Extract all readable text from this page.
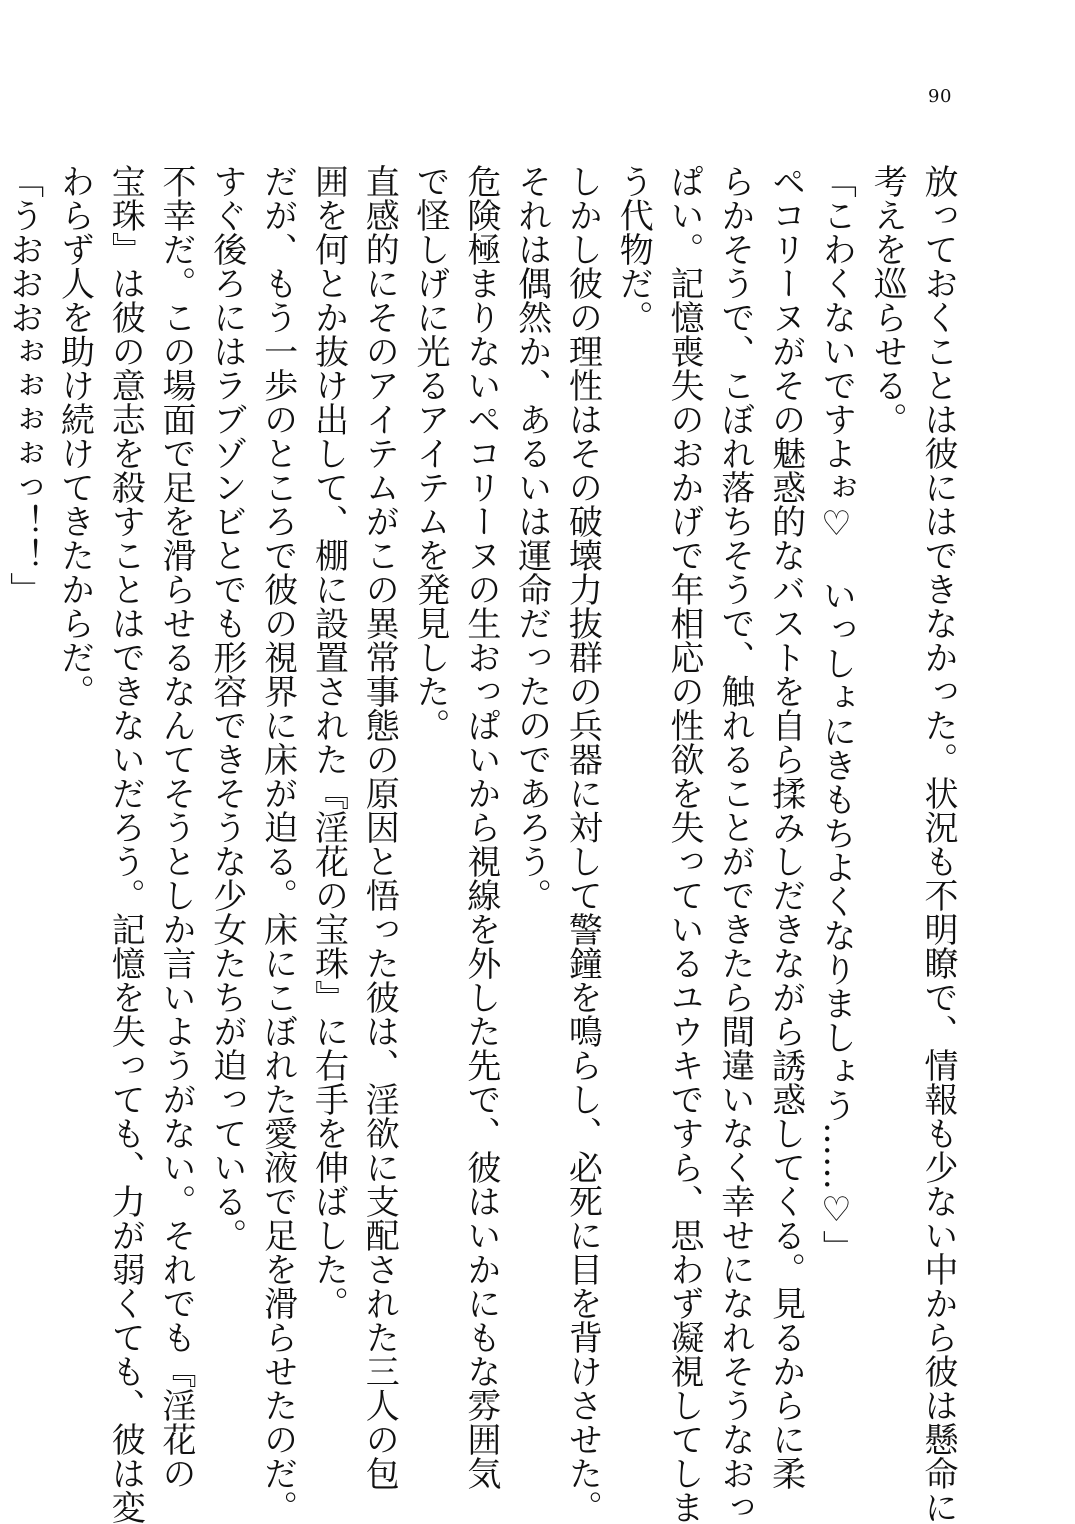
90
放っておくことは彼にはできなかった。状況も不明瞭で、情報も少ない中から彼は懸命に
考えを巡らせる。
「こわくないですよぉ♡　いっしょにきもちよくなりましょう……♡」
ペコリーヌがその魅惑的なバストを自ら揉みしだきながら誘惑してくる。見るからに柔
らかそうで、こぼれ落ちそうで、触れることができたら間違いなく幸せになれそうなおっ
ぱい。記憶喪失のおかげで年相応の性欲を失っているユウキですら、思わず凝視してしま
う代物だ。
しかし彼の理性はその破壊力抜群の兵器に対して警鐘を鳴らし、必死に目を背けさせた。
それは偶然か、あるいは運命だったのであろう。
危険極まりないペコリーヌの生おっぱいから視線を外した先で、彼はいかにもな雰囲気
で怪しげに光るアイテムを発見した。
直感的にそのアイテムがこの異常事態の原因と悟った彼は、淫欲に支配された三人の包
囲を何とか抜け出して、棚に設置された『淫花の宝珠』に右手を伸ばした。
だが、もう一歩のところで彼の視界に床が迫る。床にこぼれた愛液で足を滑らせたのだ。
すぐ後ろにはラブゾンビとでも形容できそうな少女たちが迫っている。
不幸だ。この場面で足を滑らせるなんてそうとしか言いようがない。それでも『淫花の
宝珠』は彼の意志を殺すことはできないだろう。記憶を失っても、力が弱くても、彼は変
わらず人を助け続けてきたからだ。
「うおおおぉぉぉぉっ！！」
